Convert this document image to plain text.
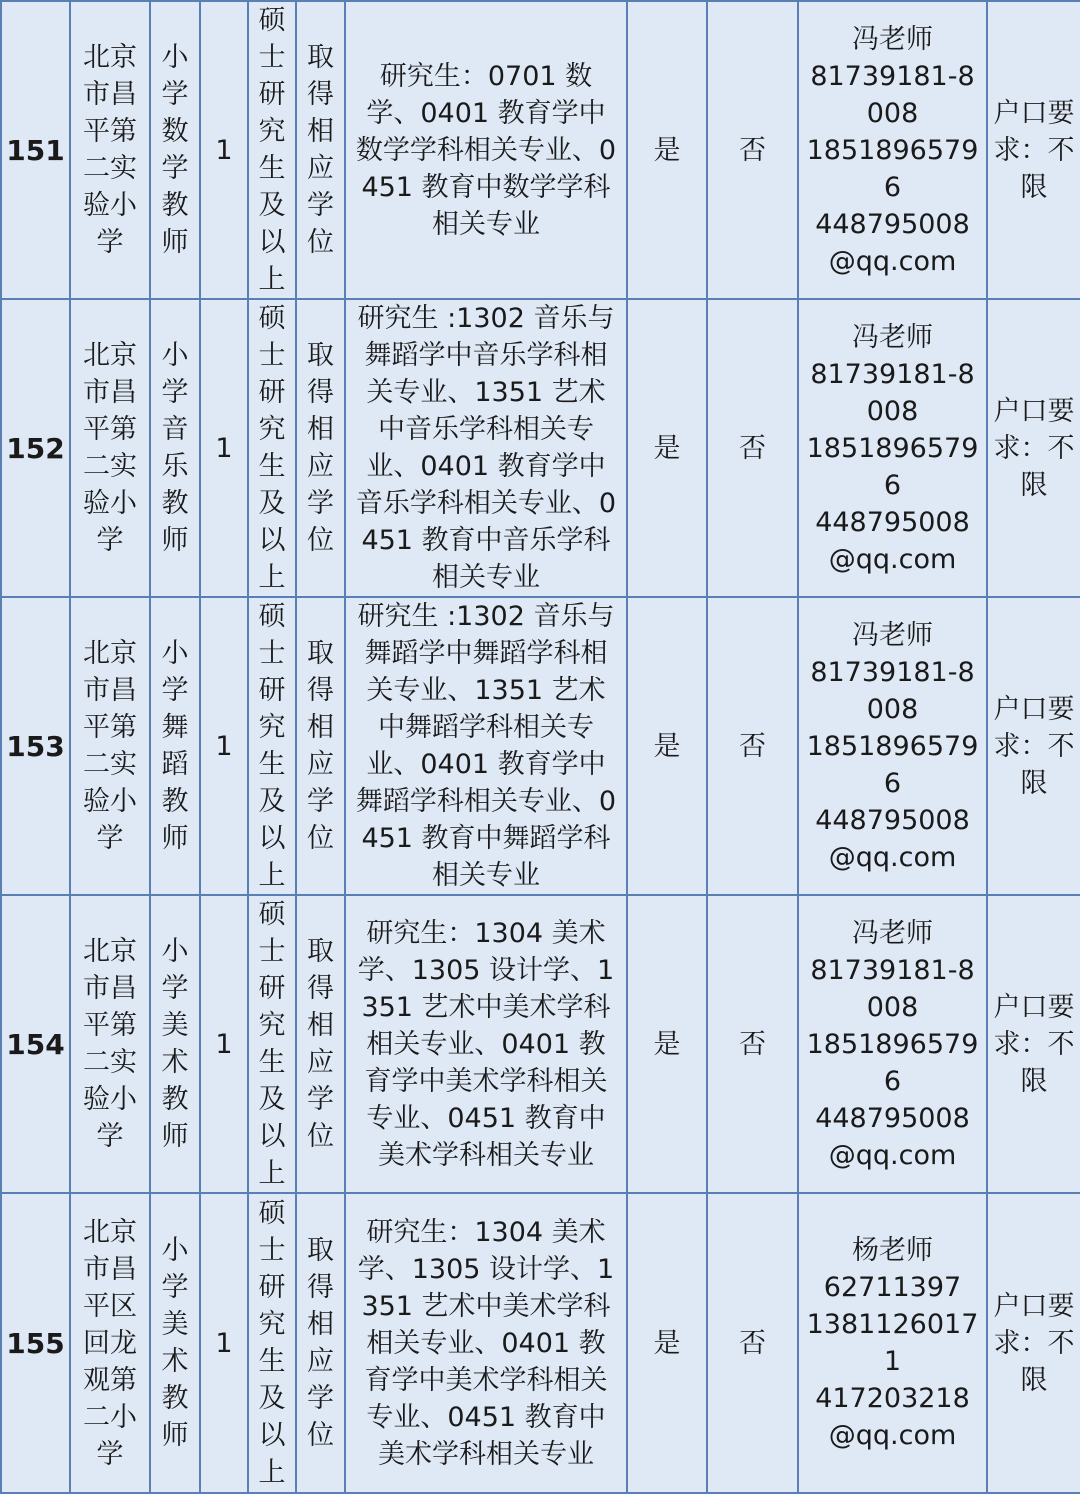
151	北京市昌平第二实验小学	小学数学教师	1	硕士研究生及以上	取得相应学位	研究生：0701 数学、0401 教育学中数学学科相关专业、0451 教育中数学学科相关专业	是	否	冯老师
81739181-8008
18518965796
448795008@qq.com	户口要求：不限
152	北京市昌平第二实验小学	小学音乐教师	1	硕士研究生及以上	取得相应学位	研究生 :1302 音乐与舞蹈学中音乐学科相关专业、1351 艺术中音乐学科相关专业、0401 教育学中音乐学科相关专业、0451 教育中音乐学科相关专业	是	否	冯老师
81739181-8008
18518965796
448795008@qq.com	户口要求：不限
153	北京市昌平第二实验小学	小学舞蹈教师	1	硕士研究生及以上	取得相应学位	研究生 :1302 音乐与舞蹈学中舞蹈学科相关专业、1351 艺术中舞蹈学科相关专业、0401 教育学中舞蹈学科相关专业、0451 教育中舞蹈学科相关专业	是	否	冯老师
81739181-8008
18518965796
448795008@qq.com	户口要求：不限
154	北京市昌平第二实验小学	小学美术教师	1	硕士研究生及以上	取得相应学位	研究生：1304 美术学、1305 设计学、1351 艺术中美术学科相关专业、0401 教育学中美术学科相关专业、0451 教育中美术学科相关专业	是	否	冯老师
81739181-8008
18518965796
448795008@qq.com	户口要求：不限
155	北京市昌平区回龙观第二小学	小学美术教师	1	硕士研究生及以上	取得相应学位	研究生：1304 美术学、1305 设计学、1351 艺术中美术学科相关专业、0401 教育学中美术学科相关专业、0451 教育中美术学科相关专业	是	否	杨老师
62711397
13811260171
417203218@qq.com	户口要求：不限
